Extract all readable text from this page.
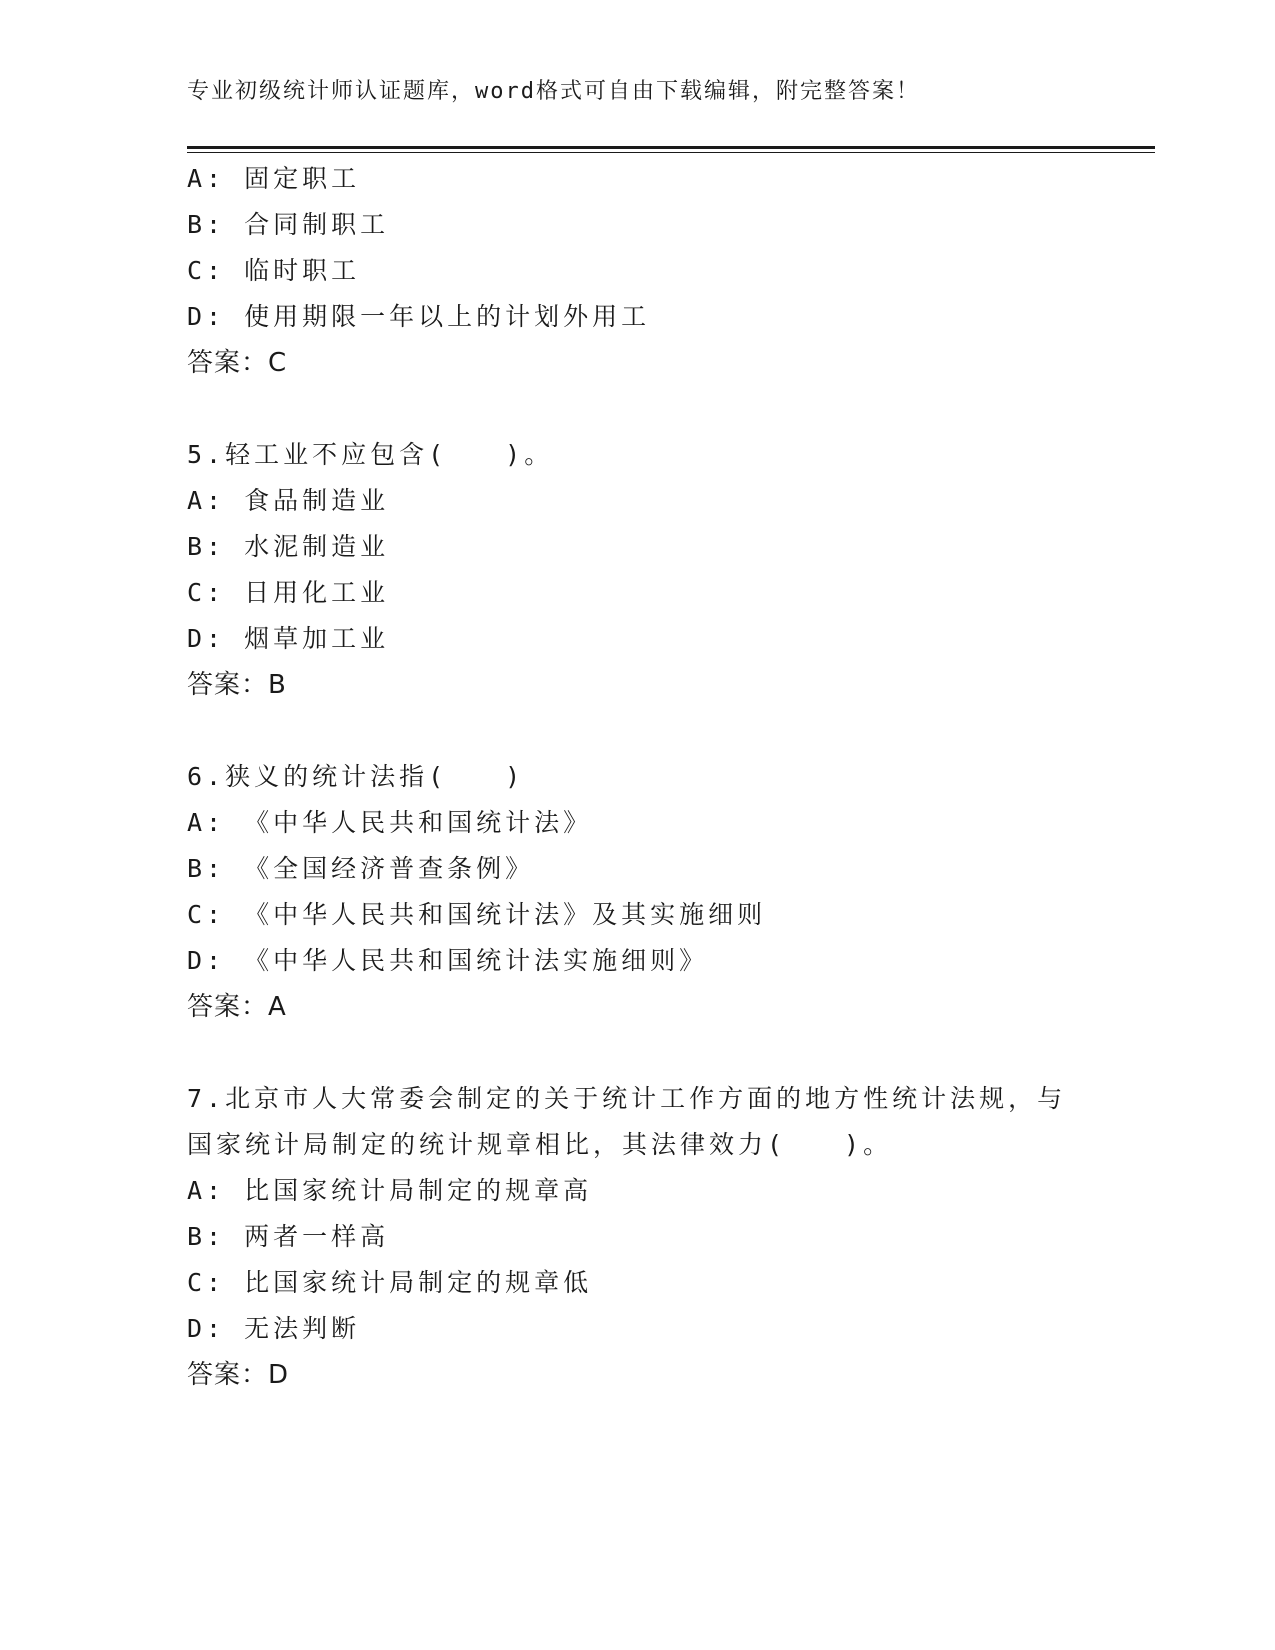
专业初级统计师认证题库，word格式可自由下载编辑，附完整答案！
A: 固定职工
B: 合同制职工
C: 临时职工
D: 使用期限一年以上的计划外用工
答案：C
5.轻工业不应包含(　　)。
A: 食品制造业
B: 水泥制造业
C: 日用化工业
D: 烟草加工业
答案：B
6.狭义的统计法指(　　)
A: 《中华人民共和国统计法》
B: 《全国经济普查条例》
C: 《中华人民共和国统计法》及其实施细则
D: 《中华人民共和国统计法实施细则》
答案：A
7.北京市人大常委会制定的关于统计工作方面的地方性统计法规，与
国家统计局制定的统计规章相比，其法律效力(　　)。
A: 比国家统计局制定的规章高
B: 两者一样高
C: 比国家统计局制定的规章低
D: 无法判断
答案：D
